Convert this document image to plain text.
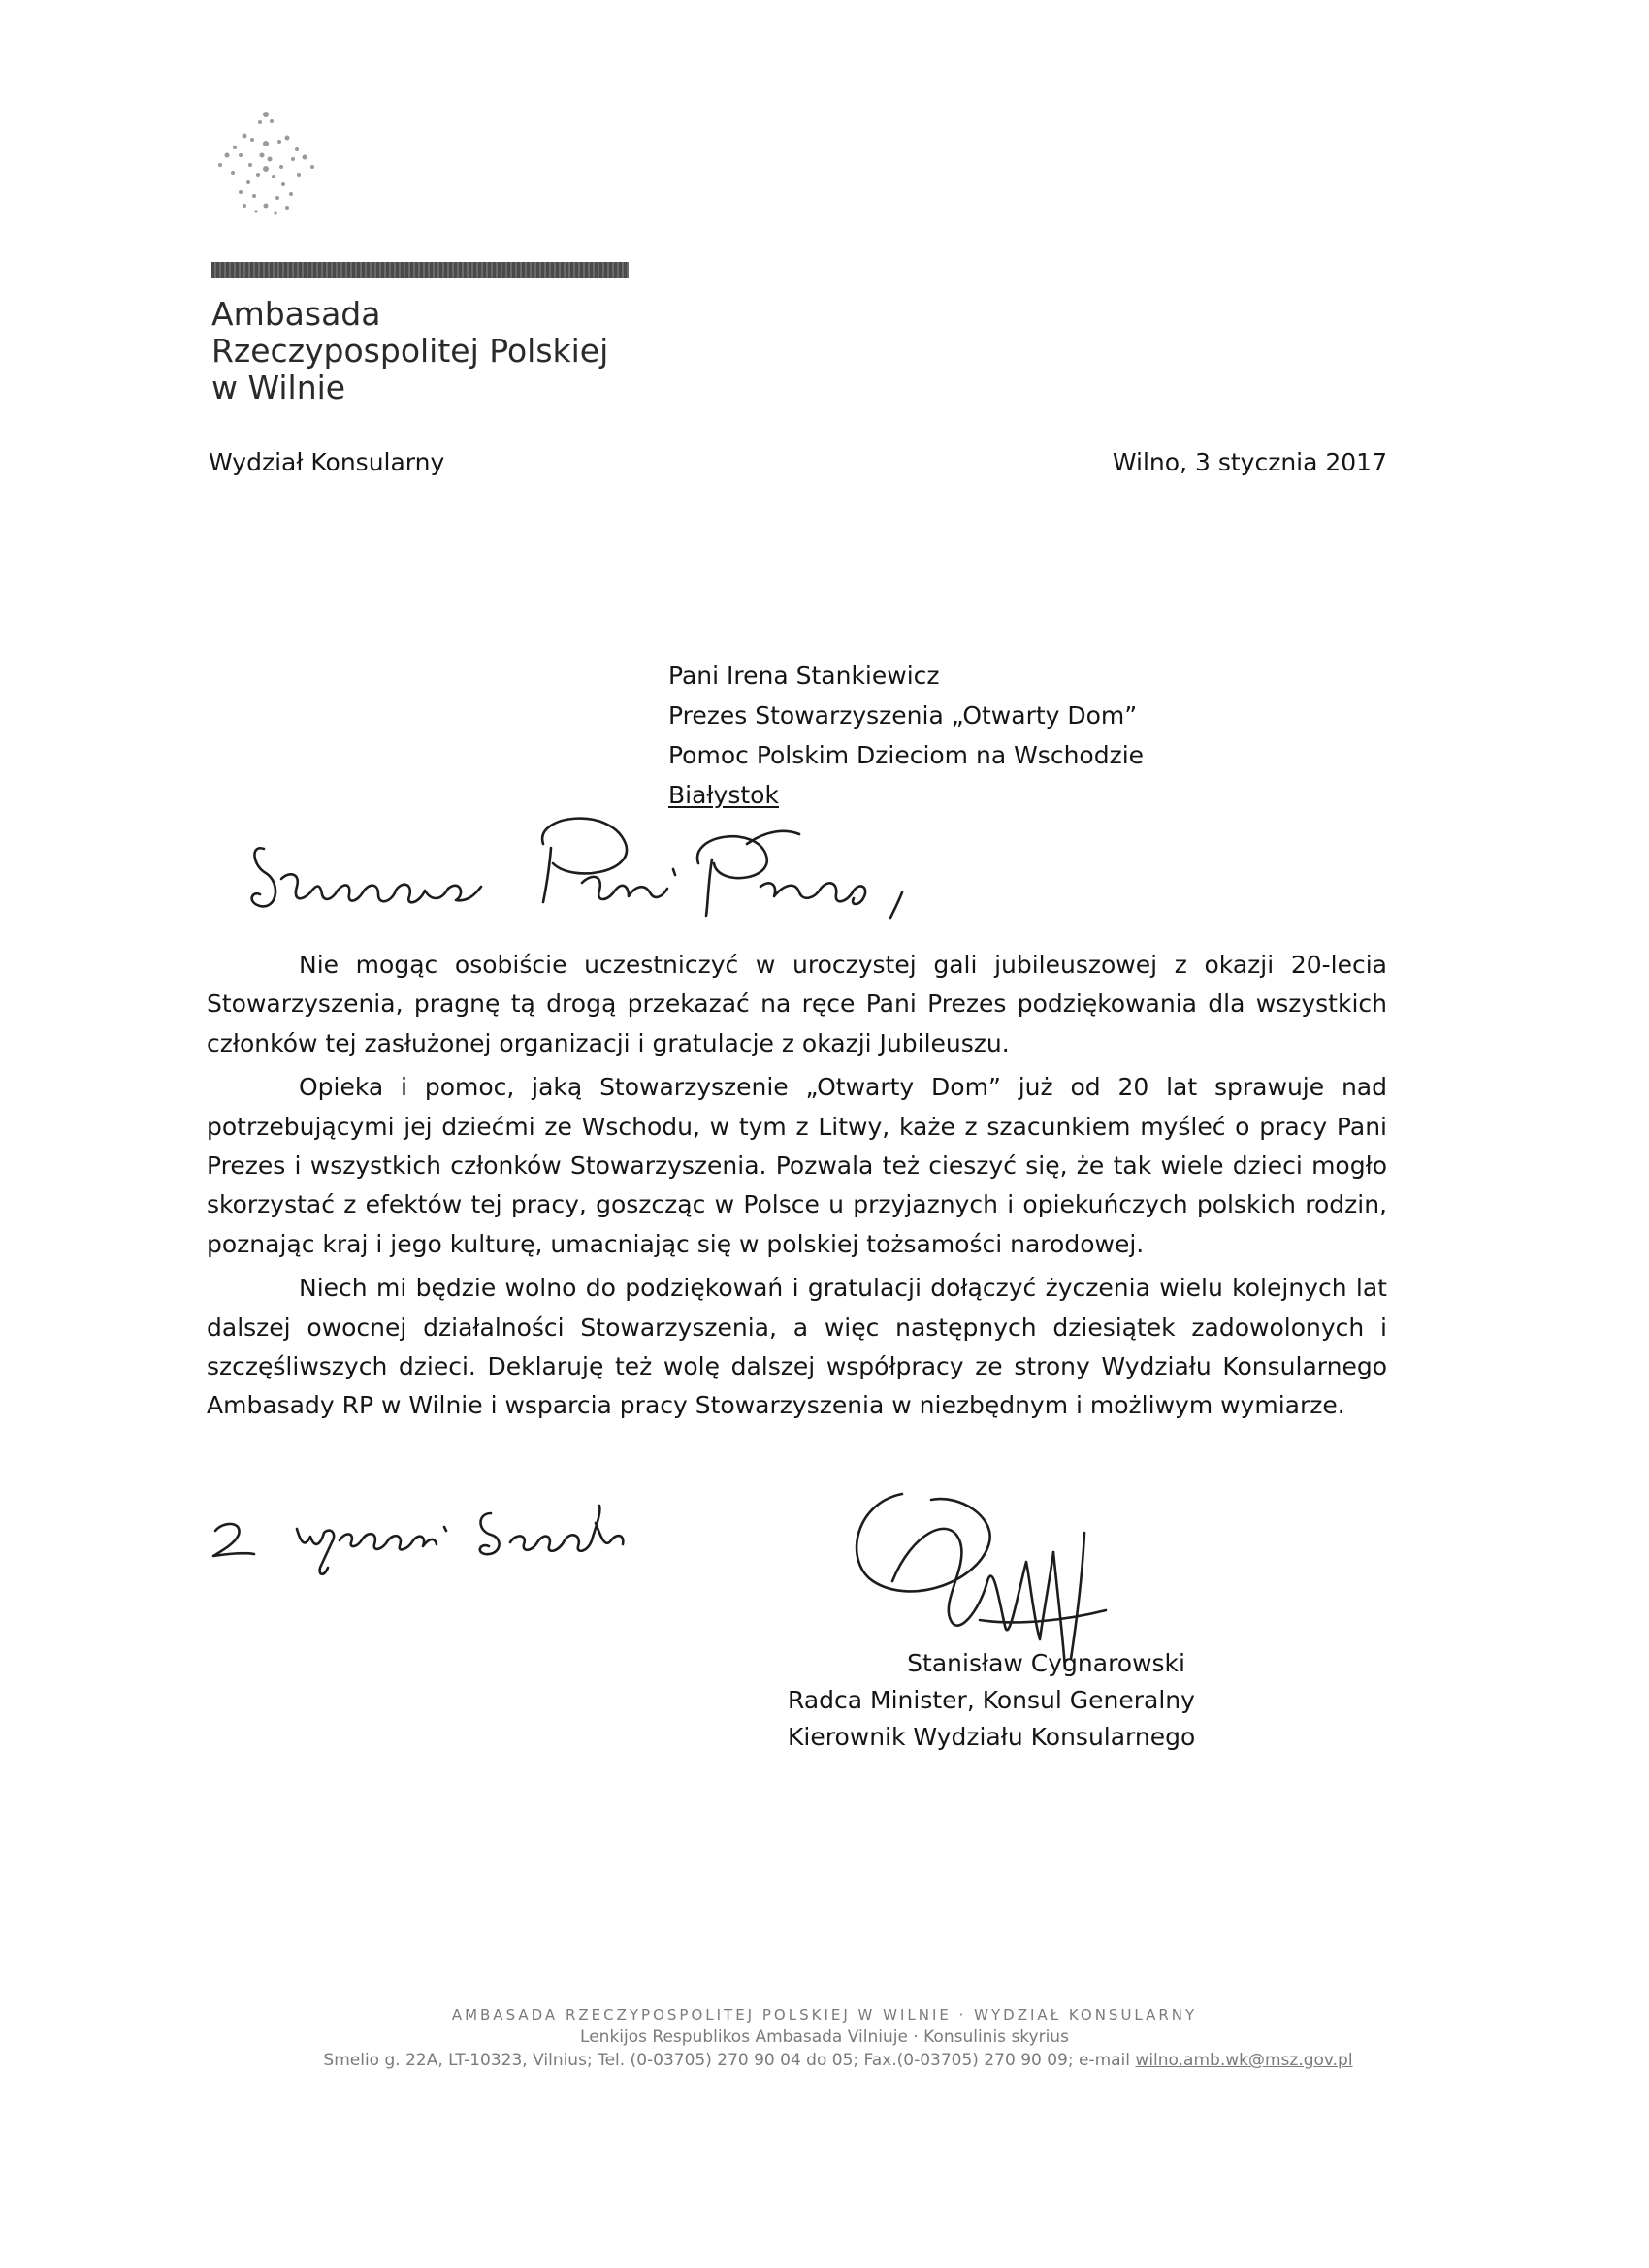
Ambasada
Rzeczypospolitej Polskiej
w Wilnie
Wydział Konsularny	Wilno, 3 stycznia 2017
Pani Irena Stankiewicz
Prezes Stowarzyszenia „Otwarty Dom”
Pomoc Polskim Dzieciom na Wschodzie
Białystok

Nie mogąc osobiście uczestniczyć w uroczystej gali jubileuszowej z okazji 20-lecia Stowarzyszenia, pragnę tą drogą przekazać na ręce Pani Prezes podziękowania dla wszystkich członków tej zasłużonej organizacji i gratulacje z okazji Jubileuszu.

Opieka i pomoc, jaką Stowarzyszenie „Otwarty Dom” już od 20 lat sprawuje nad potrzebującymi jej dziećmi ze Wschodu, w tym z Litwy, każe z szacunkiem myśleć o pracy Pani Prezes i wszystkich członków Stowarzyszenia. Pozwala też cieszyć się, że tak wiele dzieci mogło skorzystać z efektów tej pracy, goszcząc w Polsce u przyjaznych i opiekuńczych polskich rodzin, poznając kraj i jego kulturę, umacniając się w polskiej tożsamości narodowej.

Niech mi będzie wolno do podziękowań i gratulacji dołączyć życzenia wielu kolejnych lat dalszej owocnej działalności Stowarzyszenia, a więc następnych dziesiątek zadowolonych i szczęśliwszych dzieci. Deklaruję też wolę dalszej współpracy ze strony Wydziału Konsularnego Ambasady RP w Wilnie i wsparcia pracy Stowarzyszenia w niezbędnym i możliwym wymiarze.

Stanisław Cygnarowski
Radca Minister, Konsul Generalny
Kierownik Wydziału Konsularnego
AMBASADA RZECZYPOSPOLITEJ POLSKIEJ W WILNIE · WYDZIAŁ KONSULARNY
Lenkijos Respublikos Ambasada Vilniuje · Konsulinis skyrius
Smelio g. 22A, LT-10323, Vilnius; Tel. (0-03705) 270 90 04 do 05; Fax.(0-03705) 270 90 09; e-mail wilno.amb.wk@msz.gov.pl
